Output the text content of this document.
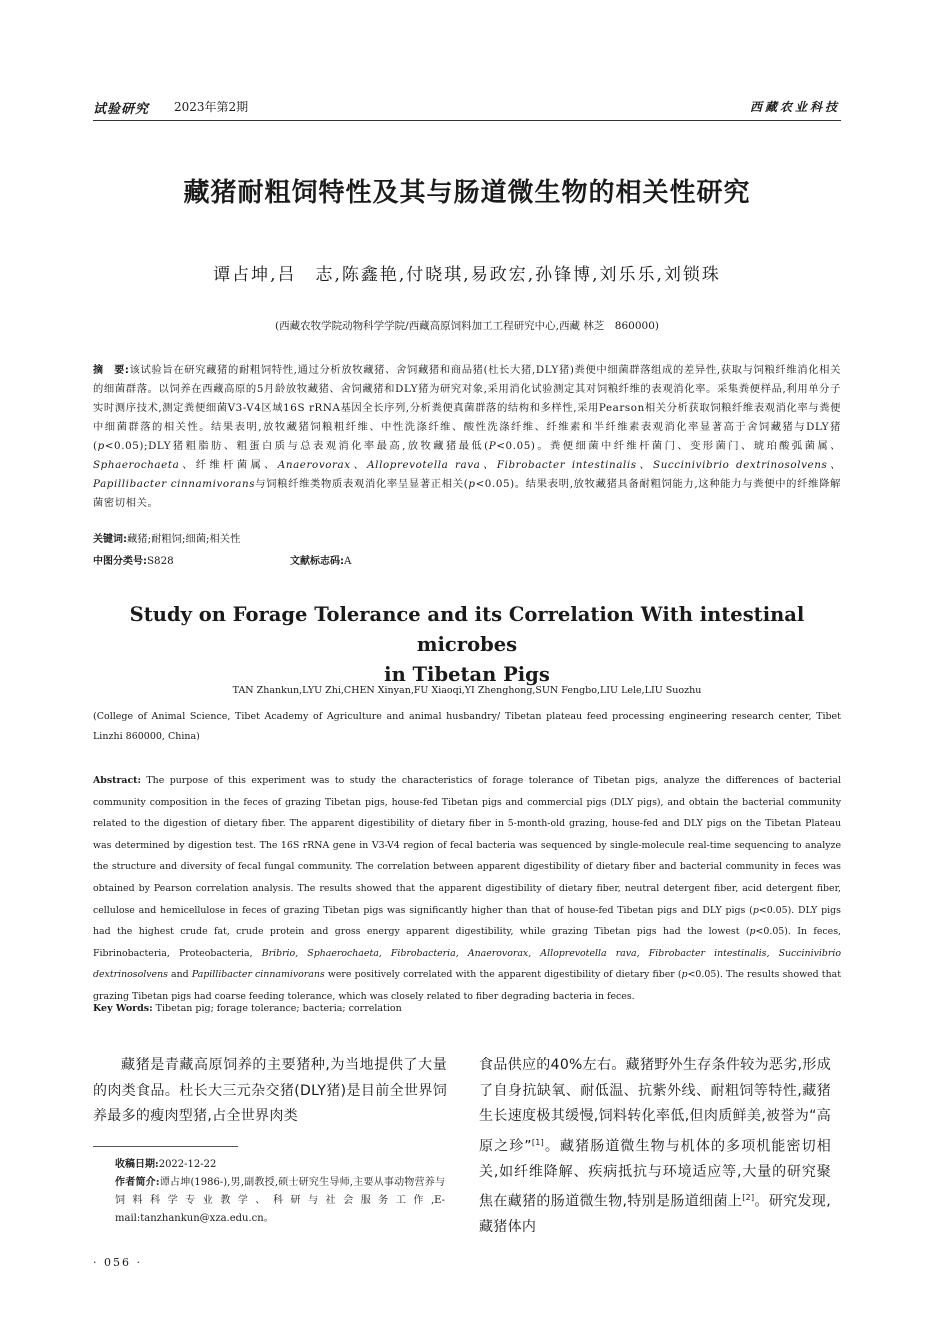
试验研究 2023年第2期	西藏农业科技
藏猪耐粗饲特性及其与肠道微生物的相关性研究
谭占坤,吕　志,陈鑫艳,付晓琪,易政宏,孙锋博,刘乐乐,刘锁珠
(西藏农牧学院动物科学学院/西藏高原饲料加工工程研究中心,西藏 林芝　860000)
摘　要:该试验旨在研究藏猪的耐粗饲特性,通过分析放牧藏猪、舍饲藏猪和商品猪(杜长大猪,DLY猪)粪便中细菌群落组成的差异性,获取与饲粮纤维消化相关的细菌群落。以饲养在西藏高原的5月龄放牧藏猪、舍饲藏猪和DLY猪为研究对象,采用消化试验测定其对饲粮纤维的表观消化率。采集粪便样品,利用单分子实时测序技术,测定粪便细菌V3-V4区域16S rRNA基因全长序列,分析粪便真菌群落的结构和多样性,采用Pearson相关分析获取饲粮纤维表观消化率与粪便中细菌群落的相关性。结果表明,放牧藏猪饲粮粗纤维、中性洗涤纤维、酸性洗涤纤维、纤维素和半纤维素表观消化率显著高于舍饲藏猪与DLY猪(p<0.05);DLY猪粗脂肪、粗蛋白质与总表观消化率最高,放牧藏猪最低(P<0.05)。粪便细菌中纤维杆菌门、变形菌门、琥珀酸弧菌属、Sphaerochaeta、纤维杆菌属、Anaerovorax、Alloprevotella rava、Fibrobacter intestinalis、Succinivibrio dextrinosolvens、Papillibacter cinnamivorans与饲粮纤维类物质表观消化率呈显著正相关(p<0.05)。结果表明,放牧藏猪具备耐粗饲能力,这种能力与粪便中的纤维降解菌密切相关。
关键词:藏猪;耐粗饲;细菌;相关性
中图分类号:S828	文献标志码:A
Study on Forage Tolerance and its Correlation With intestinal microbes
in Tibetan Pigs
TAN Zhankun,LYU Zhi,CHEN Xinyan,FU Xiaoqi,YI Zhenghong,SUN Fengbo,LIU Lele,LIU Suozhu
(College of Animal Science, Tibet Academy of Agriculture and animal husbandry/ Tibetan plateau feed processing engineering research center, Tibet Linzhi 860000, China)
Abstract: The purpose of this experiment was to study the characteristics of forage tolerance of Tibetan pigs, analyze the differences of bacterial community composition in the feces of grazing Tibetan pigs, house-fed Tibetan pigs and commercial pigs (DLY pigs), and obtain the bacterial community related to the digestion of dietary fiber. The apparent digestibility of dietary fiber in 5-month-old grazing, house-fed and DLY pigs on the Tibetan Plateau was determined by digestion test. The 16S rRNA gene in V3-V4 region of fecal bacteria was sequenced by single-molecule real-time sequencing to analyze the structure and diversity of fecal fungal community. The correlation between apparent digestibility of dietary fiber and bacterial community in feces was obtained by Pearson correlation analysis. The results showed that the apparent digestibility of dietary fiber, neutral detergent fiber, acid detergent fiber, cellulose and hemicellulose in feces of grazing Tibetan pigs was significantly higher than that of house-fed Tibetan pigs and DLY pigs (p<0.05). DLY pigs had the highest crude fat, crude protein and gross energy apparent digestibility, while grazing Tibetan pigs had the lowest (p<0.05). In feces, Fibrinobacteria, Proteobacteria, Bribrio, Sphaerochaeta, Fibrobacteria, Anaerovorax, Alloprevotella rava, Fibrobacter intestinalis, Succinivibrio dextrinosolvens and Papillibacter cinnamivorans were positively correlated with the apparent digestibility of dietary fiber (p<0.05). The results showed that grazing Tibetan pigs had coarse feeding tolerance, which was closely related to fiber degrading bacteria in feces.
Key Words: Tibetan pig; forage tolerance; bacteria; correlation
藏猪是青藏高原饲养的主要猪种,为当地提供了大量的肉类食品。杜长大三元杂交猪(DLY猪)是目前全世界饲养最多的瘦肉型猪,占全世界肉类
食品供应的40%左右。藏猪野外生存条件较为恶劣,形成了自身抗缺氧、耐低温、抗紫外线、耐粗饲等特性,藏猪生长速度极其缓慢,饲料转化率低,但肉质鲜美,被誉为“高原之珍”[1]。藏猪肠道微生物与机体的多项机能密切相关,如纤维降解、疾病抵抗与环境适应等,大量的研究聚焦在藏猪的肠道微生物,特别是肠道细菌上[2]。研究发现,藏猪体内
收稿日期:2022-12-22
作者简介:谭占坤(1986-),男,副教授,硕士研究生导师,主要从事动物营养与饲料科学专业教学、科研与社会服务工作,E-mail:tanzhankun@xza.edu.cn。
· 056 ·
